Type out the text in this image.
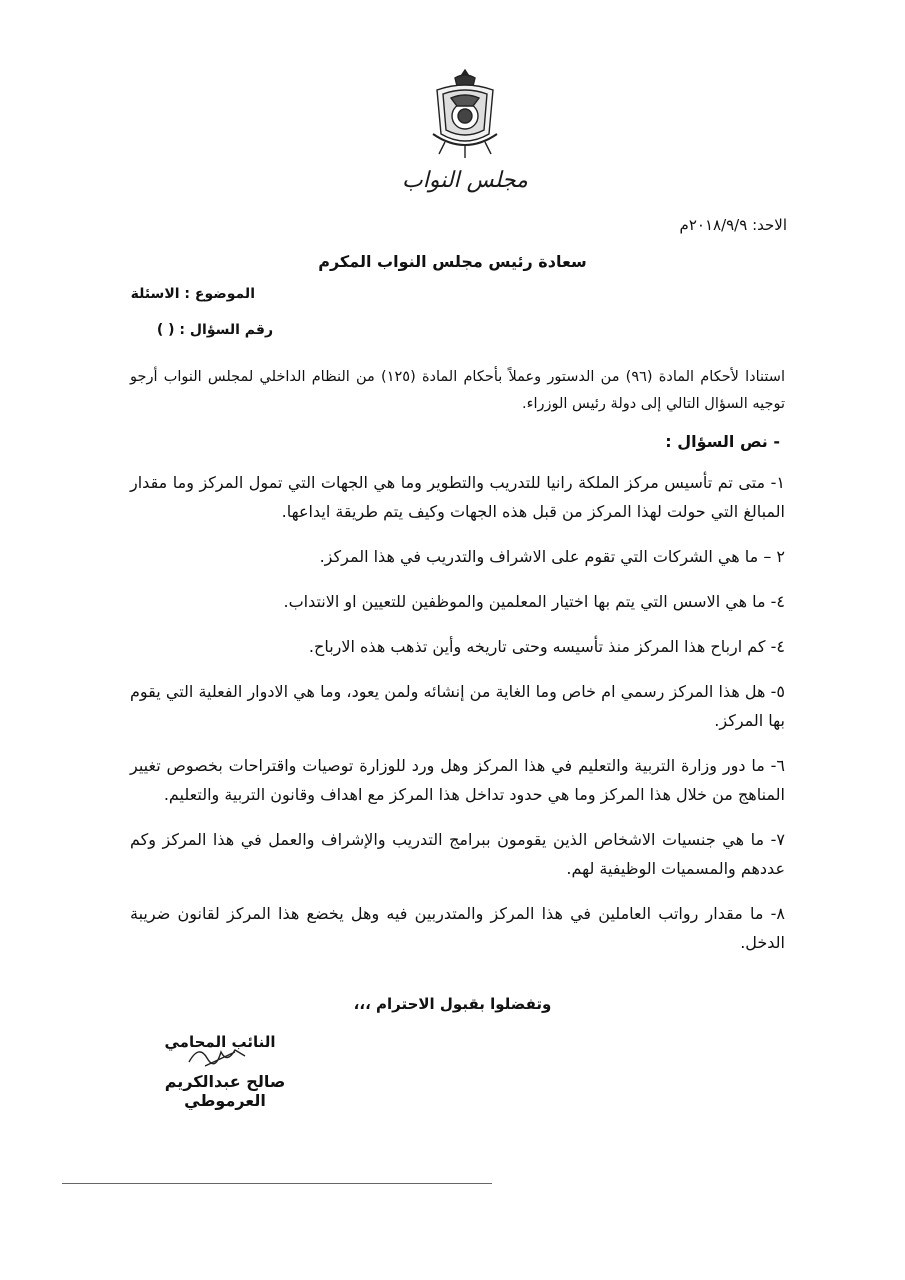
مجلس النواب
الاحد: ٢٠١٨/٩/٩م
سعادة رئيس مجلس النواب المكرم
الموضوع : الاسئلة
رقم السؤال : ( )
استنادا لأحكام المادة (٩٦) من الدستور وعملاً بأحكام المادة (١٢٥) من النظام الداخلي لمجلس النواب أرجو توجيه السؤال التالي إلى دولة رئيس الوزراء.
- نص السؤال :

١- متى تم تأسيس مركز الملكة رانيا للتدريب والتطوير وما هي الجهات التي تمول المركز وما مقدار المبالغ التي حولت لهذا المركز من قبل هذه الجهات وكيف يتم طريقة ايداعها.

٢ – ما هي الشركات التي تقوم على الاشراف والتدريب في هذا المركز.

٤- ما هي الاسس التي يتم بها اختيار المعلمين والموظفين للتعيين او الانتداب.

٤- كم ارباح هذا المركز منذ تأسيسه وحتى تاريخه وأين تذهب هذه الارباح.

٥- هل هذا المركز رسمي ام خاص وما الغاية من إنشائه ولمن يعود، وما هي الادوار الفعلية التي يقوم بها المركز.

٦- ما دور وزارة التربية والتعليم في هذا المركز وهل ورد للوزارة توصيات واقتراحات بخصوص تغيير المناهج من خلال هذا المركز وما هي حدود تداخل هذا المركز مع اهداف وقانون التربية والتعليم.

٧- ما هي جنسيات الاشخاص الذين يقومون ببرامج التدريب والإشراف والعمل في هذا المركز وكم عددهم والمسميات الوظيفية لهم.

٨- ما مقدار رواتب العاملين في هذا المركز والمتدربين فيه وهل يخضع هذا المركز لقانون ضريبة الدخل.

وتفضلوا بقبول الاحترام ،،،
النائب المحامي
صالح عبدالكريم العرموطي
